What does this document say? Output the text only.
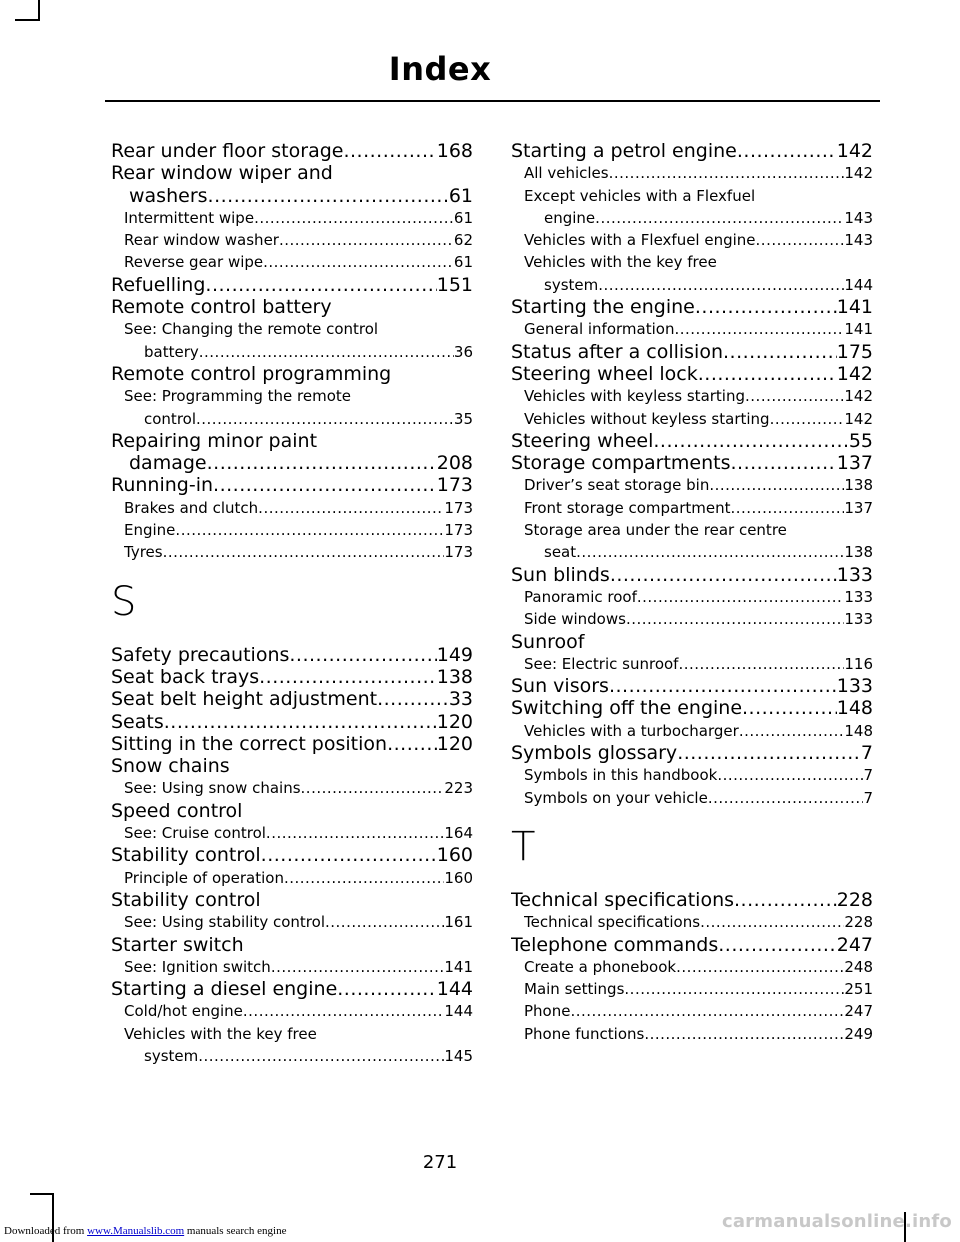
Index
Rear under floor storage .....	168
Rear window wiper and
washers .....	61
Intermittent wipe .....	61
Rear window washer .....	62
Reverse gear wipe .....	61
Refuelling .....	151
Remote control battery
See: Changing the remote control
battery .....	36
Remote control programming
See: Programming the remote
control .....	35
Repairing minor paint
damage .....	208
Running-in .....	173
Brakes and clutch .....	173
Engine .....	173
Tyres .....	173
S
Safety precautions .....	149
Seat back trays .....	138
Seat belt height adjustment .....	33
Seats .....	120
Sitting in the correct position .....	120
Snow chains
See: Using snow chains .....	223
Speed control
See: Cruise control .....	164
Stability control .....	160
Principle of operation .....	160
Stability control
See: Using stability control .....	161
Starter switch
See: Ignition switch .....	141
Starting a diesel engine .....	144
Cold/hot engine .....	144
Vehicles with the key free
system .....	145
Starting a petrol engine .....	142
All vehicles .....	142
Except vehicles with a Flexfuel
engine .....	143
Vehicles with a Flexfuel engine .....	143
Vehicles with the key free
system .....	144
Starting the engine .....	141
General information .....	141
Status after a collision .....	175
Steering wheel lock .....	142
Vehicles with keyless starting .....	142
Vehicles without keyless starting .....	142
Steering wheel .....	55
Storage compartments .....	137
Driver’s seat storage bin .....	138
Front storage compartment .....	137
Storage area under the rear centre
seat .....	138
Sun blinds .....	133
Panoramic roof .....	133
Side windows .....	133
Sunroof
See: Electric sunroof .....	116
Sun visors .....	133
Switching off the engine .....	148
Vehicles with a turbocharger .....	148
Symbols glossary .....	7
Symbols in this handbook .....	7
Symbols on your vehicle .....	7
T
Technical specifications .....	228
Technical specifications .....	228
Telephone commands .....	247
Create a phonebook .....	248
Main settings .....	251
Phone .....	247
Phone functions .....	249
271
Downloaded from www.Manualslib.com manuals search engine	carmanualsonline.info
